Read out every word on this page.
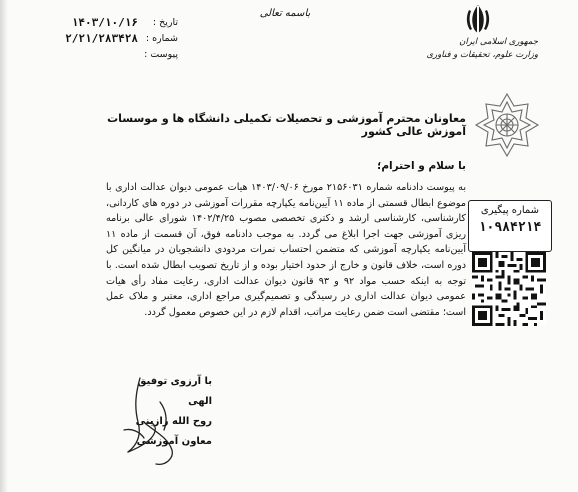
باسمه تعالی
تاریخ :
۱۴۰۳/۱۰/۱۶
شماره :
۲/۲۱/۲۸۳۴۲۸
پیوست :
جمهوری اسلامی ایران
وزارت علوم، تحقیقات و فناوری
معاونان محترم آموزشی و تحصیلات تکمیلی دانشگاه ها و موسسات آموزش عالی کشور
با سلام و احترام؛
به پیوست دادنامه شماره ۲۱۵۶۰۳۱ مورخ ۱۴۰۳/۰۹/۰۶ هیات عمومی دیوان عدالت اداری با موضوع ابطال قسمتی از ماده ۱۱ آیین‌نامه یکپارچه مقررات آموزشی در دوره های کاردانی، کارشناسی، کارشناسی ارشد و دکتری تخصصی مصوب ۱۴۰۲/۴/۲۵ شورای عالی برنامه ریزی آموزشی جهت اجرا ابلاغ می گردد. به موجب دادنامه فوق، آن قسمت از ماده ۱۱ آیین‌نامه یکپارچه آموزشی که متضمن احتساب نمرات مردودی دانشجویان در میانگین کل دوره است، خلاف قانون و خارج از حدود اختیار بوده و از تاریخ تصویب ابطال شده است. با توجه به اینکه حسب مواد ۹۲ و ۹۳ قانون دیوان عدالت اداری، رعایت مفاد رأی هیات عمومی دیوان عدالت اداری در رسیدگی و تصمیم‌گیری مراجع اداری، معتبر و ملاک عمل است؛ مقتضی است ضمن رعایت مراتب، اقدام لازم در این خصوص معمول گردد.
شماره پیگیری
۱۰۹۸۴۲۱۴
با آرزوی توفیق الهی
روح الله رازینی
معاون آموزشی
